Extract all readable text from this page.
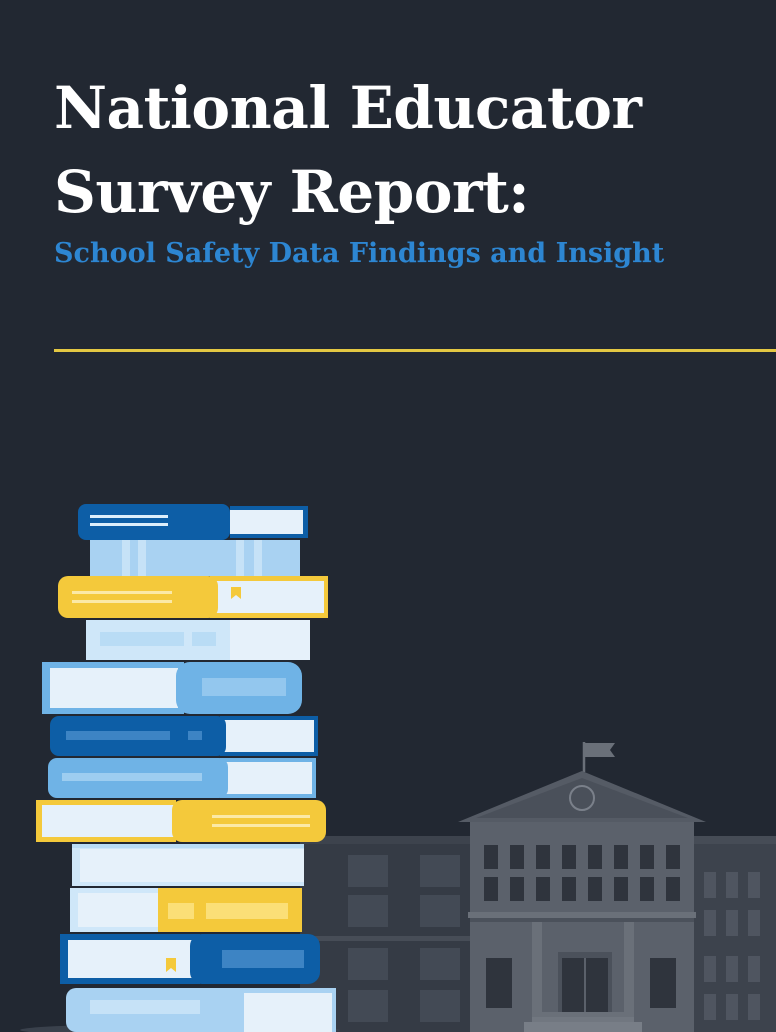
National Educator
Survey Report:
School Safety Data Findings and Insight
